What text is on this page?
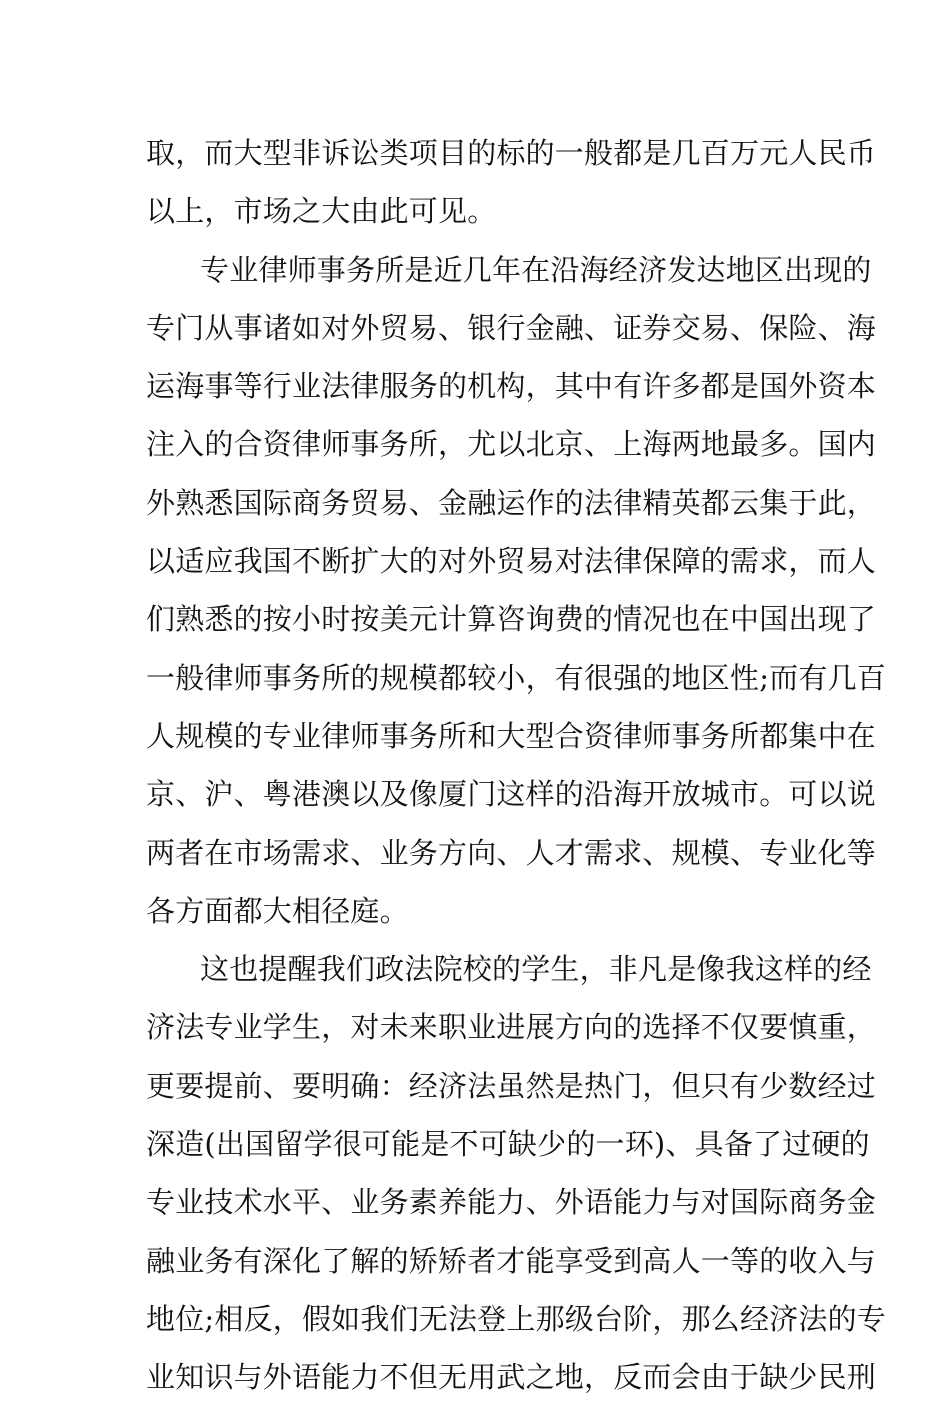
取，而大型非诉讼类项目的标的一般都是几百万元人民币
以上，市场之大由此可见。
专业律师事务所是近几年在沿海经济发达地区出现的
专门从事诸如对外贸易、银行金融、证券交易、保险、海
运海事等行业法律服务的机构，其中有许多都是国外资本
注入的合资律师事务所，尤以北京、上海两地最多。国内
外熟悉国际商务贸易、金融运作的法律精英都云集于此，
以适应我国不断扩大的对外贸易对法律保障的需求，而人
们熟悉的按小时按美元计算咨询费的情况也在中国出现了
一般律师事务所的规模都较小，有很强的地区性;而有几百
人规模的专业律师事务所和大型合资律师事务所都集中在
京、沪、粤港澳以及像厦门这样的沿海开放城市。可以说
两者在市场需求、业务方向、人才需求、规模、专业化等
各方面都大相径庭。
这也提醒我们政法院校的学生，非凡是像我这样的经
济法专业学生，对未来职业进展方向的选择不仅要慎重，
更要提前、要明确：经济法虽然是热门，但只有少数经过
深造(出国留学很可能是不可缺少的一环)、具备了过硬的
专业技术水平、业务素养能力、外语能力与对国际商务金
融业务有深化了解的矫矫者才能享受到高人一等的收入与
地位;相反，假如我们无法登上那级台阶，那么经济法的专
业知识与外语能力不但无用武之地，反而会由于缺少民刑
